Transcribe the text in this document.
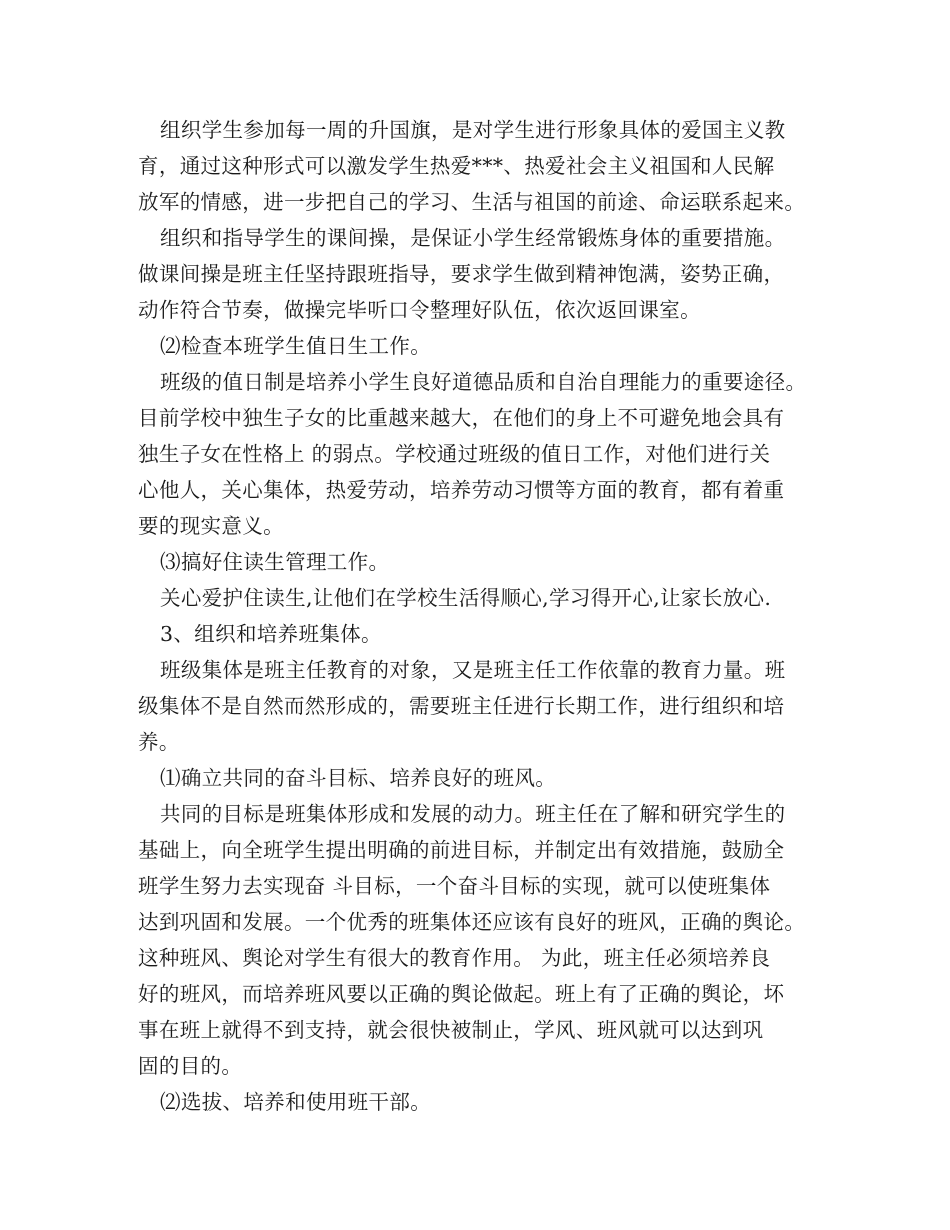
组织学生参加每一周的升国旗，是对学生进行形象具体的爱国主义教
育，通过这种形式可以激发学生热爱***、热爱社会主义祖国和人民解
放军的情感，进一步把自己的学习、生活与祖国的前途、命运联系起来。
组织和指导学生的课间操，是保证小学生经常锻炼身体的重要措施。
做课间操是班主任坚持跟班指导，要求学生做到精神饱满，姿势正确，
动作符合节奏，做操完毕听口令整理好队伍，依次返回课室。
⑵检查本班学生值日生工作。
班级的值日制是培养小学生良好道德品质和自治自理能力的重要途径。
目前学校中独生子女的比重越来越大，在他们的身上不可避免地会具有
独生子女在性格上 的弱点。学校通过班级的值日工作，对他们进行关
心他人，关心集体，热爱劳动，培养劳动习惯等方面的教育，都有着重
要的现实意义。
⑶搞好住读生管理工作。
关心爱护住读生,让他们在学校生活得顺心,学习得开心,让家长放心.
3、组织和培养班集体。
班级集体是班主任教育的对象，又是班主任工作依靠的教育力量。班
级集体不是自然而然形成的，需要班主任进行长期工作，进行组织和培
养。
⑴确立共同的奋斗目标、培养良好的班风。
共同的目标是班集体形成和发展的动力。班主任在了解和研究学生的
基础上，向全班学生提出明确的前进目标，并制定出有效措施，鼓励全
班学生努力去实现奋 斗目标，一个奋斗目标的实现，就可以使班集体
达到巩固和发展。一个优秀的班集体还应该有良好的班风，正确的舆论。
这种班风、舆论对学生有很大的教育作用。 为此，班主任必须培养良
好的班风，而培养班风要以正确的舆论做起。班上有了正确的舆论，坏
事在班上就得不到支持，就会很快被制止，学风、班风就可以达到巩
固的目的。
⑵选拔、培养和使用班干部。
